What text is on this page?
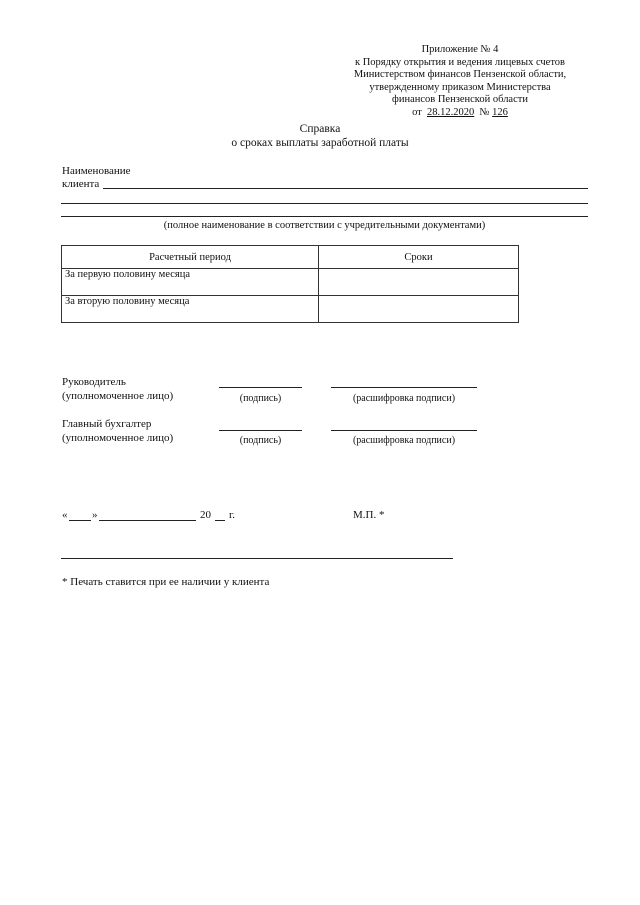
Приложение № 4
к Порядку открытия и ведения лицевых счетов
Министерством финансов Пензенской области,
утвержденному приказом Министерства
финансов Пензенской области
от 28.12.2020 № 126
Справка
о сроках выплаты заработной платы
Наименование
клиента
(полное наименование в соответствии с учредительными документами)
Расчетный период	Сроки
За первую половину месяца	
За вторую половину месяца	
Руководитель
(уполномоченное лицо)	(подпись)	(расшифровка подписи)
Главный бухгалтер
(уполномоченное лицо)	(подпись)	(расшифровка подписи)
« »	20 г.	М.П. *
* Печать ставится при ее наличии у клиента
